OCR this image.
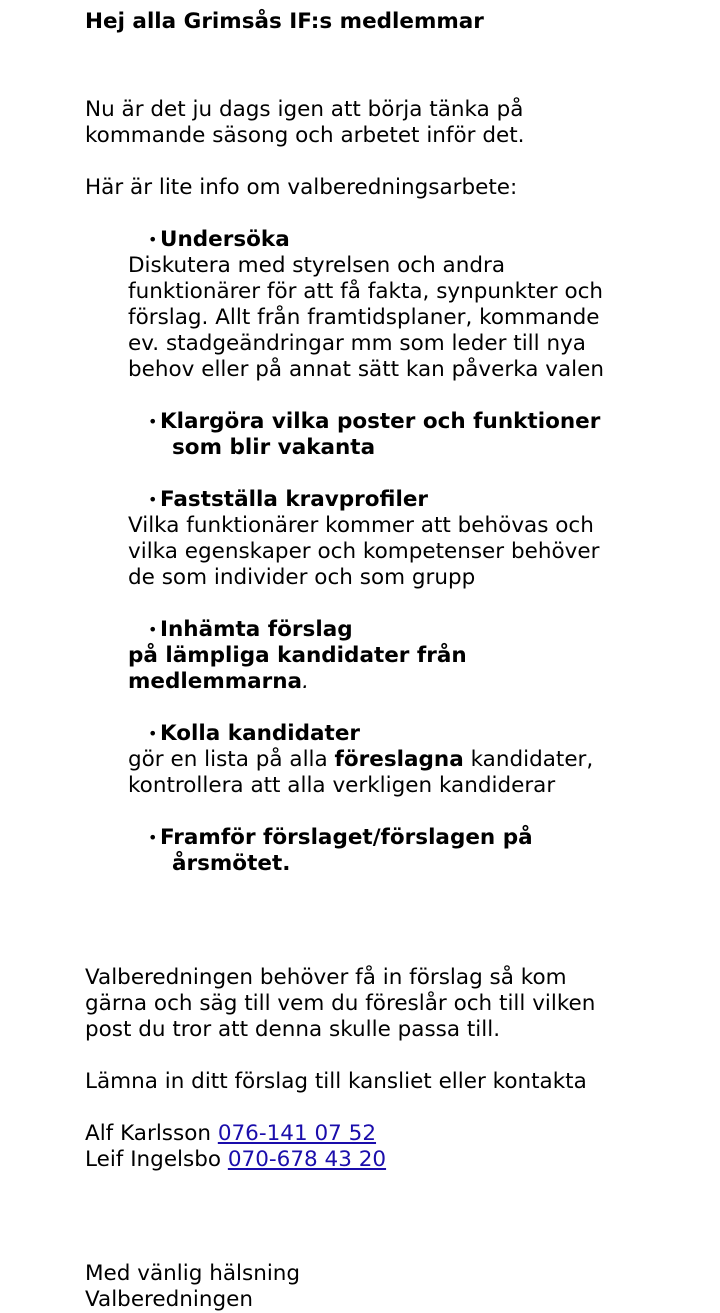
Hej alla Grimsås IF:s medlemmar

Nu är det ju dags igen att börja tänka på

kommande säsong och arbetet inför det.

Här är lite info om valberedningsarbete:

• Undersöka

Diskutera med styrelsen och andra

funktionärer för att få fakta, synpunkter och

förslag. Allt från framtidsplaner, kommande

ev. stadgeändringar mm som leder till nya

behov eller på annat sätt kan påverka valen

• Klargöra vilka poster och funktioner
som blir vakanta
• Fastställa kravprofiler

Vilka funktionärer kommer att behövas och

vilka egenskaper och kompetenser behöver

de som individer och som grupp

• Inhämta förslag

på lämpliga kandidater från

medlemmarna.

• Kolla kandidater

gör en lista på alla föreslagna kandidater,

kontrollera att alla verkligen kandiderar

• Framför förslaget/förslagen på
årsmötet.

Valberedningen behöver få in förslag så kom

gärna och säg till vem du föreslår och till vilken

post du tror att denna skulle passa till.

Lämna in ditt förslag till kansliet eller kontakta

Alf Karlsson 076-141 07 52

Leif Ingelsbo 070-678 43 20

Med vänlig hälsning

Valberedningen
